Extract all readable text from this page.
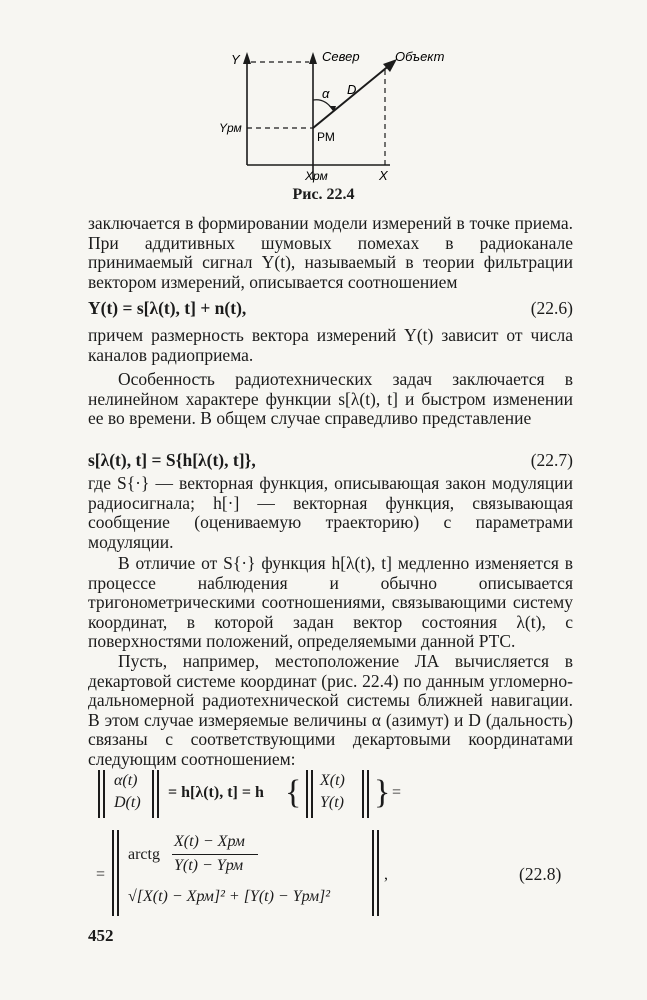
Y	Север	Объект
α D
РМ
Yрм
Xрм	X
Рис. 22.4
заключается в формировании модели измерений в точке приема. При аддитивных шумовых помехах в радиоканале принимаемый сигнал Y(t), называемый в теории фильтрации вектором измерений, описывается соотношением
Y(t) = s[λ(t), t] + n(t),	(22.6)
причем размерность вектора измерений Y(t) зависит от числа каналов радиоприема.
Особенность радиотехнических задач заключается в нелинейном характере функции s[λ(t), t] и быстром изменении ее во времени. В общем случае справедливо представление
s[λ(t), t] = S{h[λ(t), t]},	(22.7)
где S{·} — векторная функция, описывающая закон модуляции радиосигнала; h[·] — векторная функция, связывающая сообщение (оцениваемую траекторию) с параметрами модуляции.
В отличие от S{·} функция h[λ(t), t] медленно изменяется в процессе наблюдения и обычно описывается тригонометрическими соотношениями, связывающими систему координат, в которой задан вектор состояния λ(t), с поверхностями положений, определяемыми данной РТС.
Пусть, например, местоположение ЛА вычисляется в декартовой системе координат (рис. 22.4) по данным угломерно-дальномерной радиотехнической системы ближней навигации. В этом случае измеряемые величины α (азимут) и D (дальность) связаны с соответствующими декартовыми координатами следующим соотношением:
α(t)
D(t)
= h[λ(t), t] = h { X(t)
Y(t) } =
=
arctg
X(t) − Xрм
Y(t) − Yрм
√[X(t) − Xрм]² + [Y(t) − Yрм]²
,	(22.8)
452
